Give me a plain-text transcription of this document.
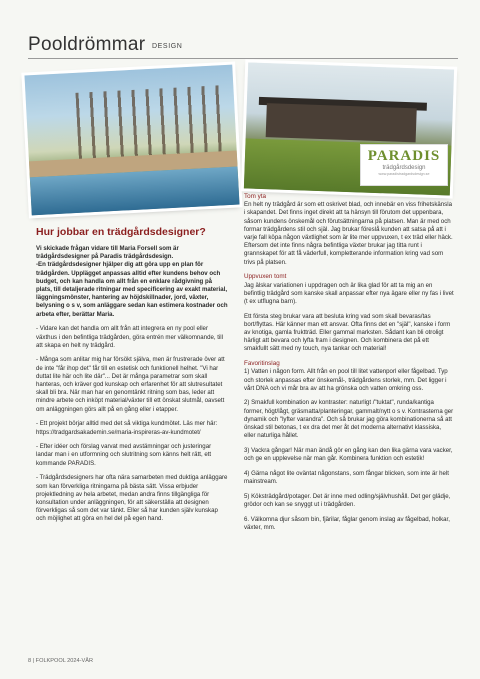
Pooldrömmar DESIGN
PARADIS
trädgårdsdesign
www.paradistradgardsdesign.se
Hur jobbar en trädgårdsdesigner?

Vi skickade frågan vidare till Maria Forsell som är trädgårdsdesigner på Paradis trädgårdsdesign.
-En trädgårdsdesigner hjälper dig att göra upp en plan för trädgården. Upplägget anpassas alltid efter kundens behov och budget, och kan handla om allt från en enklare rådgivning på plats, till detaljerade ritningar med specificering av exakt material, läggningsmönster, hantering av höjdskillnader, jord, växter, belysning o s v, som anläggare sedan kan estimera kostnader och arbeta efter, berättar Maria.

- Vidare kan det handla om allt från att integrera en ny pool eller växthus i den befintliga trädgården, göra entrén mer välkomnande, till att skapa en helt ny trädgård.

- Många som anlitar mig har försökt själva, men är frustrerade över att de inte "får ihop det" får till en estetisk och funktionell helhet. "Vi har duttat lite här och lite där"... Det är många parametrar som skall hanteras, och kräver god kunskap och erfarenhet för att slutresultatet skall bli bra. När man har en genomtänkt ritning som bas, leder att mindre arbete och inköpt material/växter till ett önskat slutmål, oavsett om anläggningen görs allt på en gång eller i etapper.

- Ett projekt börjar alltid med det så viktiga kundmötet. Läs mer här: https://tradgardsakademin.se/maria-inspireras-av-kundmotet/

- Efter idéer och förslag varvat med avstämningar och justeringar landar man i en utformning och slutritning som känns helt rätt, ett kommande PARADIS.

- Trädgårdsdesigners har ofta nära samarbeten med duktiga anläggare som kan förverkliga ritningarna på bästa sätt. Vissa erbjuder projektledning av hela arbetet, medan andra finns tillgängliga för konsultation under anläggningen, för att säkerställa att designen förverkligas så som det var tänkt. Eller så har kunden själv kunskap och möjlighet att göra en hel del på egen hand.

Tom yta

En helt ny trädgård är som ett oskrivet blad, och innebär en viss frihetskänsla i skapandet. Det finns inget direkt att ta hänsyn till förutom det uppenbara, såsom kundens önskemål och förutsättningarna på platsen. Man är med och formar trädgårdens stil och själ. Jag brukar föreslå kunden att satsa på att i varje fall köpa någon växtlighet som är lite mer uppvuxen, t ex träd eller häck. Eftersom det inte finns några befintliga växter brukar jag titta runt i grannskapet för att få väderfull, kompletterande information kring vad som trivs på platsen.

Uppvuxen tomt

Jag älskar variationen i uppdragen och är lika glad för att ta mig an en befintlig trädgård som kanske skall anpassar efter nya ägare eller ny fas i livet (t ex utflugna barn).

Ett första steg brukar vara att besluta kring vad som skall bevaras/tas bort/flyttas. Här känner man ett ansvar. Ofta finns det en "själ", kanske i form av knotiga, gamla fruktträd. Eller gammal marksten. Sådant kan bli otroligt härligt att bevara och lyfta fram i designen. Och kombinera det på ett smakfullt sätt med ny touch, nya tankar och material!

Favoritinslag

1) Vatten i någon form. Allt från en pool till litet vattenporl eller fågelbad. Typ och storlek anpassas efter önskemål-, trädgårdens storlek, mm. Det ligger i vårt DNA och vi mår bra av att ha grönska och vatten omkring oss.

2) Smakfull kombination av kontraster: naturligt /"tuktat", runda/kantiga former, högt/lågt, gräsmatta/planteringar, gammalt/nytt o s v. Kontrasterna ger dynamik och "lyfter varandra". Och så brukar jag göra kombinationerna så att önskad stil betonas, t ex dra det mer åt det moderna alternativt klassiska, eller naturliga hållet.

3) Vackra gångar! När man ändå gör en gång kan den lika gärna vara vacker, och ge en upplevelse när man går. Kombinera funktion och estetik!

4) Gärna något lite oväntat någonstans, som fångar blicken, som inte är helt mainstream.

5) Köksträdgård/potager. Det är inne med odling/självhushåll. Det ger glädje, grödor och kan se snyggt ut i trädgården.

6. Välkomna djur såsom bin, fjärilar, fåglar genom inslag av fågelbad, holkar, växter, mm.

8 | FOLKPOOL 2024-VÅR
